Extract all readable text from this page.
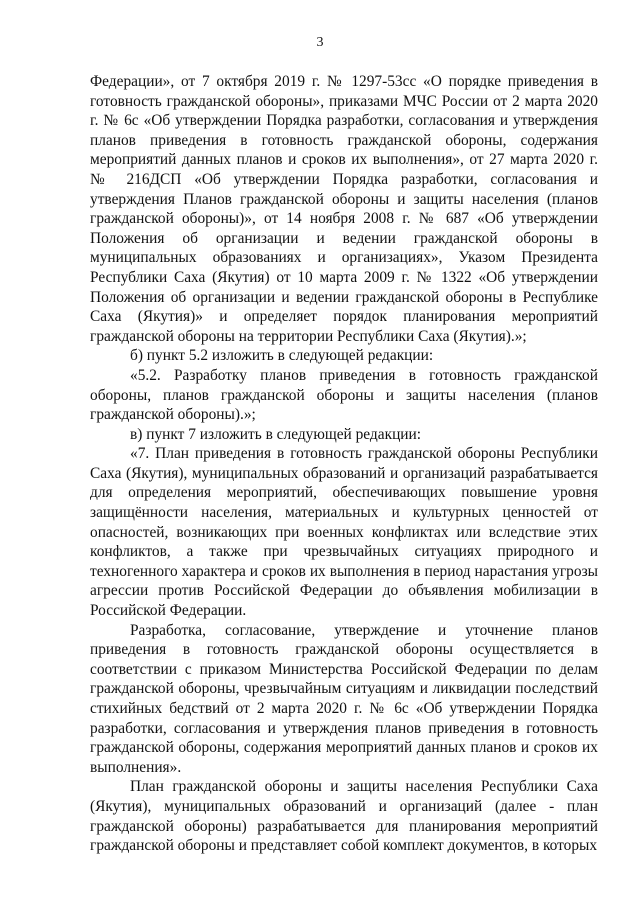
3

Федерации», от 7 октября 2019 г. № 1297-53сс «О порядке приведения в готовность гражданской обороны», приказами МЧС России от 2 марта 2020 г. № 6с «Об утверждении Порядка разработки, согласования и утверждения планов приведения в готовность гражданской обороны, содержания мероприятий данных планов и сроков их выполнения», от 27 марта 2020 г. № 216ДСП «Об утверждении Порядка разработки, согласования и утверждения Планов гражданской обороны и защиты населения (планов гражданской обороны)», от 14 ноября 2008 г. № 687 «Об утверждении Положения об организации и ведении гражданской обороны в муниципальных образованиях и организациях», Указом Президента Республики Саха (Якутия) от 10 марта 2009 г. № 1322 «Об утверждении Положения об организации и ведении гражданской обороны в Республике Саха (Якутия)» и определяет порядок планирования мероприятий гражданской обороны на территории Республики Саха (Якутия).»;

б) пункт 5.2 изложить в следующей редакции:

«5.2. Разработку планов приведения в готовность гражданской обороны, планов гражданской обороны и защиты населения (планов гражданской обороны).»;

в) пункт 7 изложить в следующей редакции:

«7. План приведения в готовность гражданской обороны Республики Саха (Якутия), муниципальных образований и организаций разрабатывается для определения мероприятий, обеспечивающих повышение уровня защищённости населения, материальных и культурных ценностей от опасностей, возникающих при военных конфликтах или вследствие этих конфликтов, а также при чрезвычайных ситуациях природного и техногенного характера и сроков их выполнения в период нарастания угрозы агрессии против Российской Федерации до объявления мобилизации в Российской Федерации.

Разработка, согласование, утверждение и уточнение планов приведения в готовность гражданской обороны осуществляется в соответствии с приказом Министерства Российской Федерации по делам гражданской обороны, чрезвычайным ситуациям и ликвидации последствий стихийных бедствий от 2 марта 2020 г. № 6с «Об утверждении Порядка разработки, согласования и утверждения планов приведения в готовность гражданской обороны, содержания мероприятий данных планов и сроков их выполнения».

План гражданской обороны и защиты населения Республики Саха (Якутия), муниципальных образований и организаций (далее - план гражданской обороны) разрабатывается для планирования мероприятий гражданской обороны и представляет собой комплект документов, в которых
